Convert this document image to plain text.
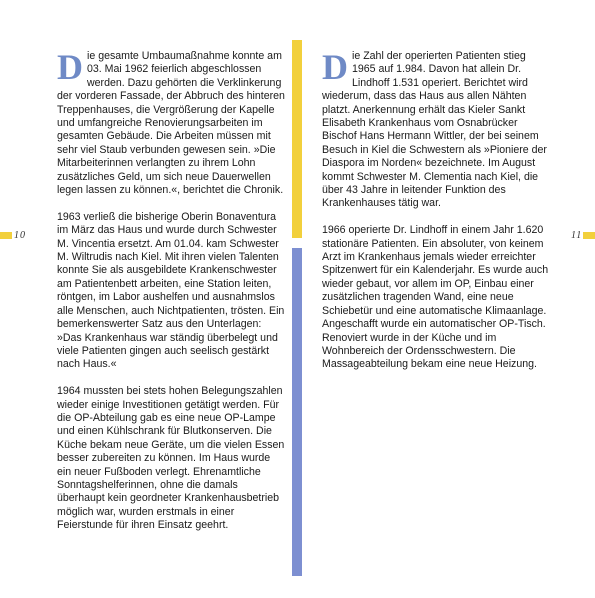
10

Die gesamte Umbaumaßnahme konnte am 03. Mai 1962 feierlich abgeschlossen werden. Dazu gehörten die Verklinkerung der vorderen Fassade, der Abbruch des hinteren Treppenhauses, die Vergrößerung der Kapelle und umfangreiche Renovierungsarbeiten im gesamten Gebäude. Die Arbeiten müssen mit sehr viel Staub verbunden gewesen sein. »Die Mitarbeiterinnen verlangten zu ihrem Lohn zusätzliches Geld, um sich neue Dauerwellen legen lassen zu können.«, berichtet die Chronik.

1963 verließ die bisherige Oberin Bonaventura im März das Haus und wurde durch Schwester M. Vincentia ersetzt. Am 01.04. kam Schwester M. Wiltrudis nach Kiel. Mit ihren vielen Talenten konnte Sie als ausgebildete Krankenschwester am Patientenbett arbeiten, eine Station leiten, röntgen, im Labor aushelfen und ausnahmslos alle Menschen, auch Nichtpatienten, trösten. Ein bemerkenswerter Satz aus den Unterlagen: »Das Krankenhaus war ständig überbelegt und viele Patienten gingen auch seelisch gestärkt nach Haus.«

1964 mussten bei stets hohen Belegungszahlen wieder einige Investitionen getätigt werden. Für die OP-Abteilung gab es eine neue OP-Lampe und einen Kühlschrank für Blutkonserven. Die Küche bekam neue Geräte, um die vielen Essen besser zubereiten zu können. Im Haus wurde ein neuer Fußboden verlegt. Ehrenamtliche Sonntagshelferinnen, ohne die damals überhaupt kein geordneter Krankenhausbetrieb möglich war, wurden erstmals in einer Feierstunde für ihren Einsatz geehrt.

Die Zahl der operierten Patienten stieg 1965 auf 1.984. Davon hat allein Dr. Lindhoff 1.531 operiert. Berichtet wird wiederum, dass das Haus aus allen Nähten platzt. Anerkennung erhält das Kieler Sankt Elisabeth Krankenhaus vom Osnabrücker Bischof Hans Hermann Wittler, der bei seinem Besuch in Kiel die Schwestern als »Pioniere der Diaspora im Norden« bezeichnete. Im August kommt Schwester M. Clementia nach Kiel, die über 43 Jahre in leitender Funktion des Krankenhauses tätig war.

1966 operierte Dr. Lindhoff in einem Jahr 1.620 stationäre Patienten. Ein absoluter, von keinem Arzt im Krankenhaus jemals wieder erreichter Spitzenwert für ein Kalenderjahr. Es wurde auch wieder gebaut, vor allem im OP, Einbau einer zusätzlichen tragenden Wand, eine neue Schiebetür und eine automatische Klimaanlage. Angeschafft wurde ein automatischer OP-Tisch. Renoviert wurde in der Küche und im Wohnbereich der Ordensschwestern. Die Massageabteilung bekam eine neue Heizung.

11
